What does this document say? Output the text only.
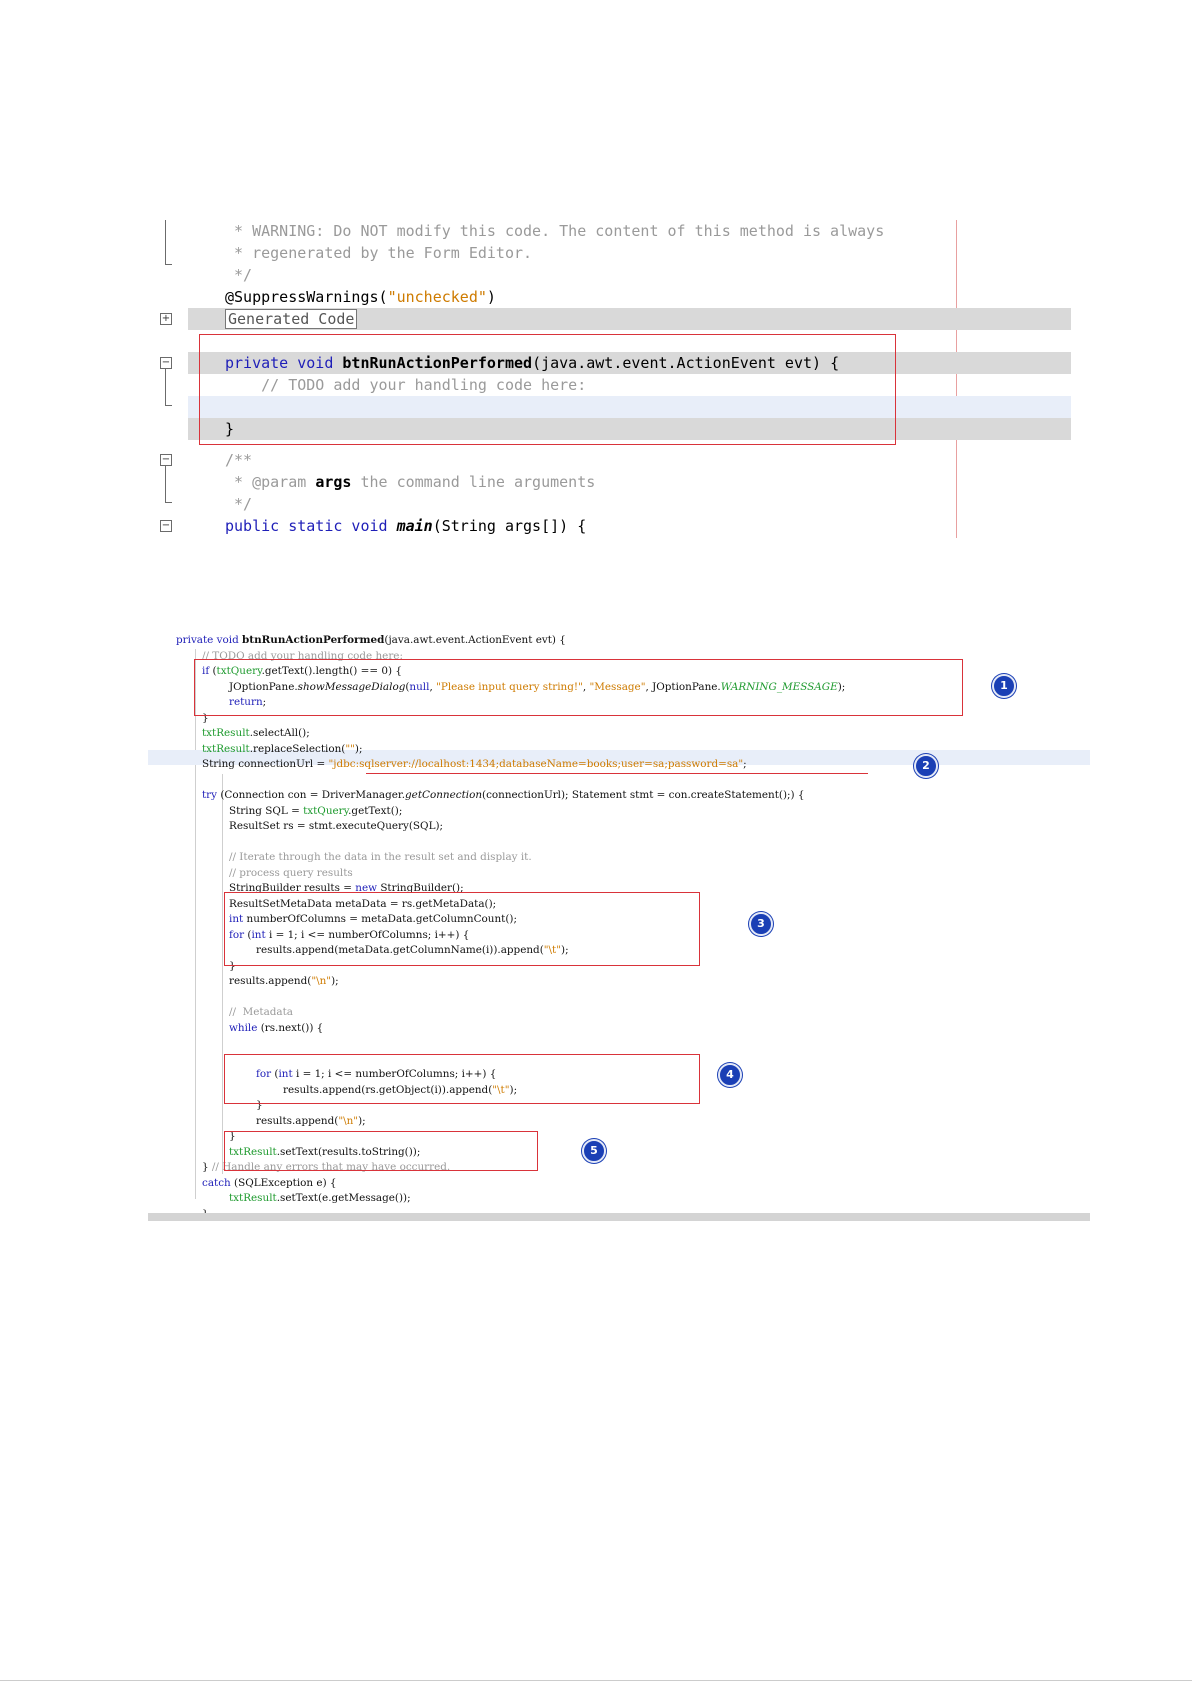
* WARNING: Do NOT modify this code. The content of this method is always
* regenerated by the Form Editor.
*/
@SuppressWarnings("unchecked")
+	Generated Code
−	private void btnRunActionPerformed(java.awt.event.ActionEvent evt) {
// TODO add your handling code here:
}
−	/**
* @param args the command line arguments
*/
−	public static void main(String args[]) {
private void btnRunActionPerformed(java.awt.event.ActionEvent evt) {
// TODO add your handling code here:
if (txtQuery.getText().length() == 0) {
JOptionPane.showMessageDialog(null, "Please input query string!", "Message", JOptionPane.WARNING_MESSAGE);
return;
}
txtResult.selectAll();
txtResult.replaceSelection("");
String connectionUrl = "jdbc:sqlserver://localhost:1434;databaseName=books;user=sa;password=sa";
try (Connection con = DriverManager.getConnection(connectionUrl); Statement stmt = con.createStatement();) {
String SQL = txtQuery.getText();
ResultSet rs = stmt.executeQuery(SQL);
// Iterate through the data in the result set and display it.
// process query results
StringBuilder results = new StringBuilder();
ResultSetMetaData metaData = rs.getMetaData();
int numberOfColumns = metaData.getColumnCount();
for (int i = 1; i <= numberOfColumns; i++) {
results.append(metaData.getColumnName(i)).append("\t");
}
results.append("\n");
//  Metadata
while (rs.next()) {
for (int i = 1; i <= numberOfColumns; i++) {
results.append(rs.getObject(i)).append("\t");
}
results.append("\n");
}
txtResult.setText(results.toString());
} // Handle any errors that may have occurred.
catch (SQLException e) {
txtResult.setText(e.getMessage());
1
2
3
4
5
